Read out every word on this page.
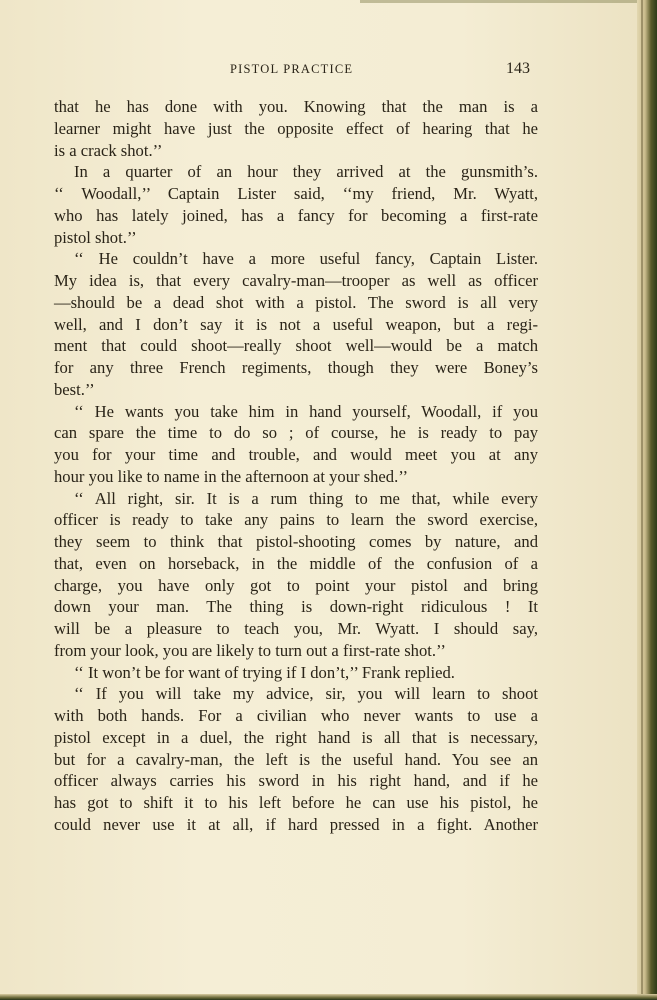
PISTOL PRACTICE	143
that he has done with you. Knowing that the man is a
learner might have just the opposite effect of hearing that he
is a crack shot.’’
In a quarter of an hour they arrived at the gunsmith’s.
‘‘ Woodall,’’ Captain Lister said, ‘‘my friend, Mr. Wyatt,
who has lately joined, has a fancy for becoming a first-rate
pistol shot.’’
‘‘ He couldn’t have a more useful fancy, Captain Lister.
My idea is, that every cavalry-man—trooper as well as officer
—should be a dead shot with a pistol. The sword is all very
well, and I don’t say it is not a useful weapon, but a regi-
ment that could shoot—really shoot well—would be a match
for any three French regiments, though they were Boney’s
best.’’
‘‘ He wants you take him in hand yourself, Woodall, if you
can spare the time to do so ; of course, he is ready to pay
you for your time and trouble, and would meet you at any
hour you like to name in the afternoon at your shed.’’
‘‘ All right, sir. It is a rum thing to me that, while every
officer is ready to take any pains to learn the sword exercise,
they seem to think that pistol-shooting comes by nature, and
that, even on horseback, in the middle of the confusion of a
charge, you have only got to point your pistol and bring
down your man. The thing is down-right ridiculous ! It
will be a pleasure to teach you, Mr. Wyatt. I should say,
from your look, you are likely to turn out a first-rate shot.’’
‘‘ It won’t be for want of trying if I don’t,’’ Frank replied.
‘‘ If you will take my advice, sir, you will learn to shoot
with both hands. For a civilian who never wants to use a
pistol except in a duel, the right hand is all that is necessary,
but for a cavalry-man, the left is the useful hand. You see an
officer always carries his sword in his right hand, and if he
has got to shift it to his left before he can use his pistol, he
could never use it at all, if hard pressed in a fight. Another
